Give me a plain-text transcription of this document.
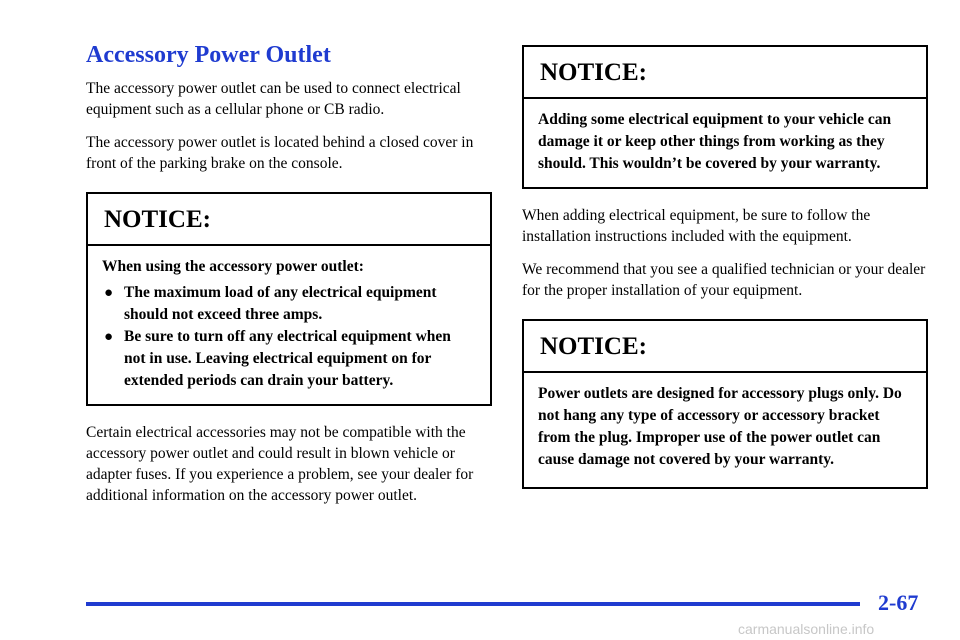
Accessory Power Outlet

The accessory power outlet can be used to connect electrical equipment such as a cellular phone or CB radio.

The accessory power outlet is located behind a closed cover in front of the parking brake on the console.

NOTICE:

When using the accessory power outlet:

● The maximum load of any electrical equipment should not exceed three amps.
● Be sure to turn off any electrical equipment when not in use. Leaving electrical equipment on for extended periods can drain your battery.

Certain electrical accessories may not be compatible with the accessory power outlet and could result in blown vehicle or adapter fuses. If you experience a problem, see your dealer for additional information on the accessory power outlet.

NOTICE:
Adding some electrical equipment to your vehicle can damage it or keep other things from working as they should. This wouldn’t be covered by your warranty.

When adding electrical equipment, be sure to follow the installation instructions included with the equipment.

We recommend that you see a qualified technician or your dealer for the proper installation of your equipment.

NOTICE:
Power outlets are designed for accessory plugs only. Do not hang any type of accessory or accessory bracket from the plug. Improper use of the power outlet can cause damage not covered by your warranty.
2-67
carmanualsonline.info
